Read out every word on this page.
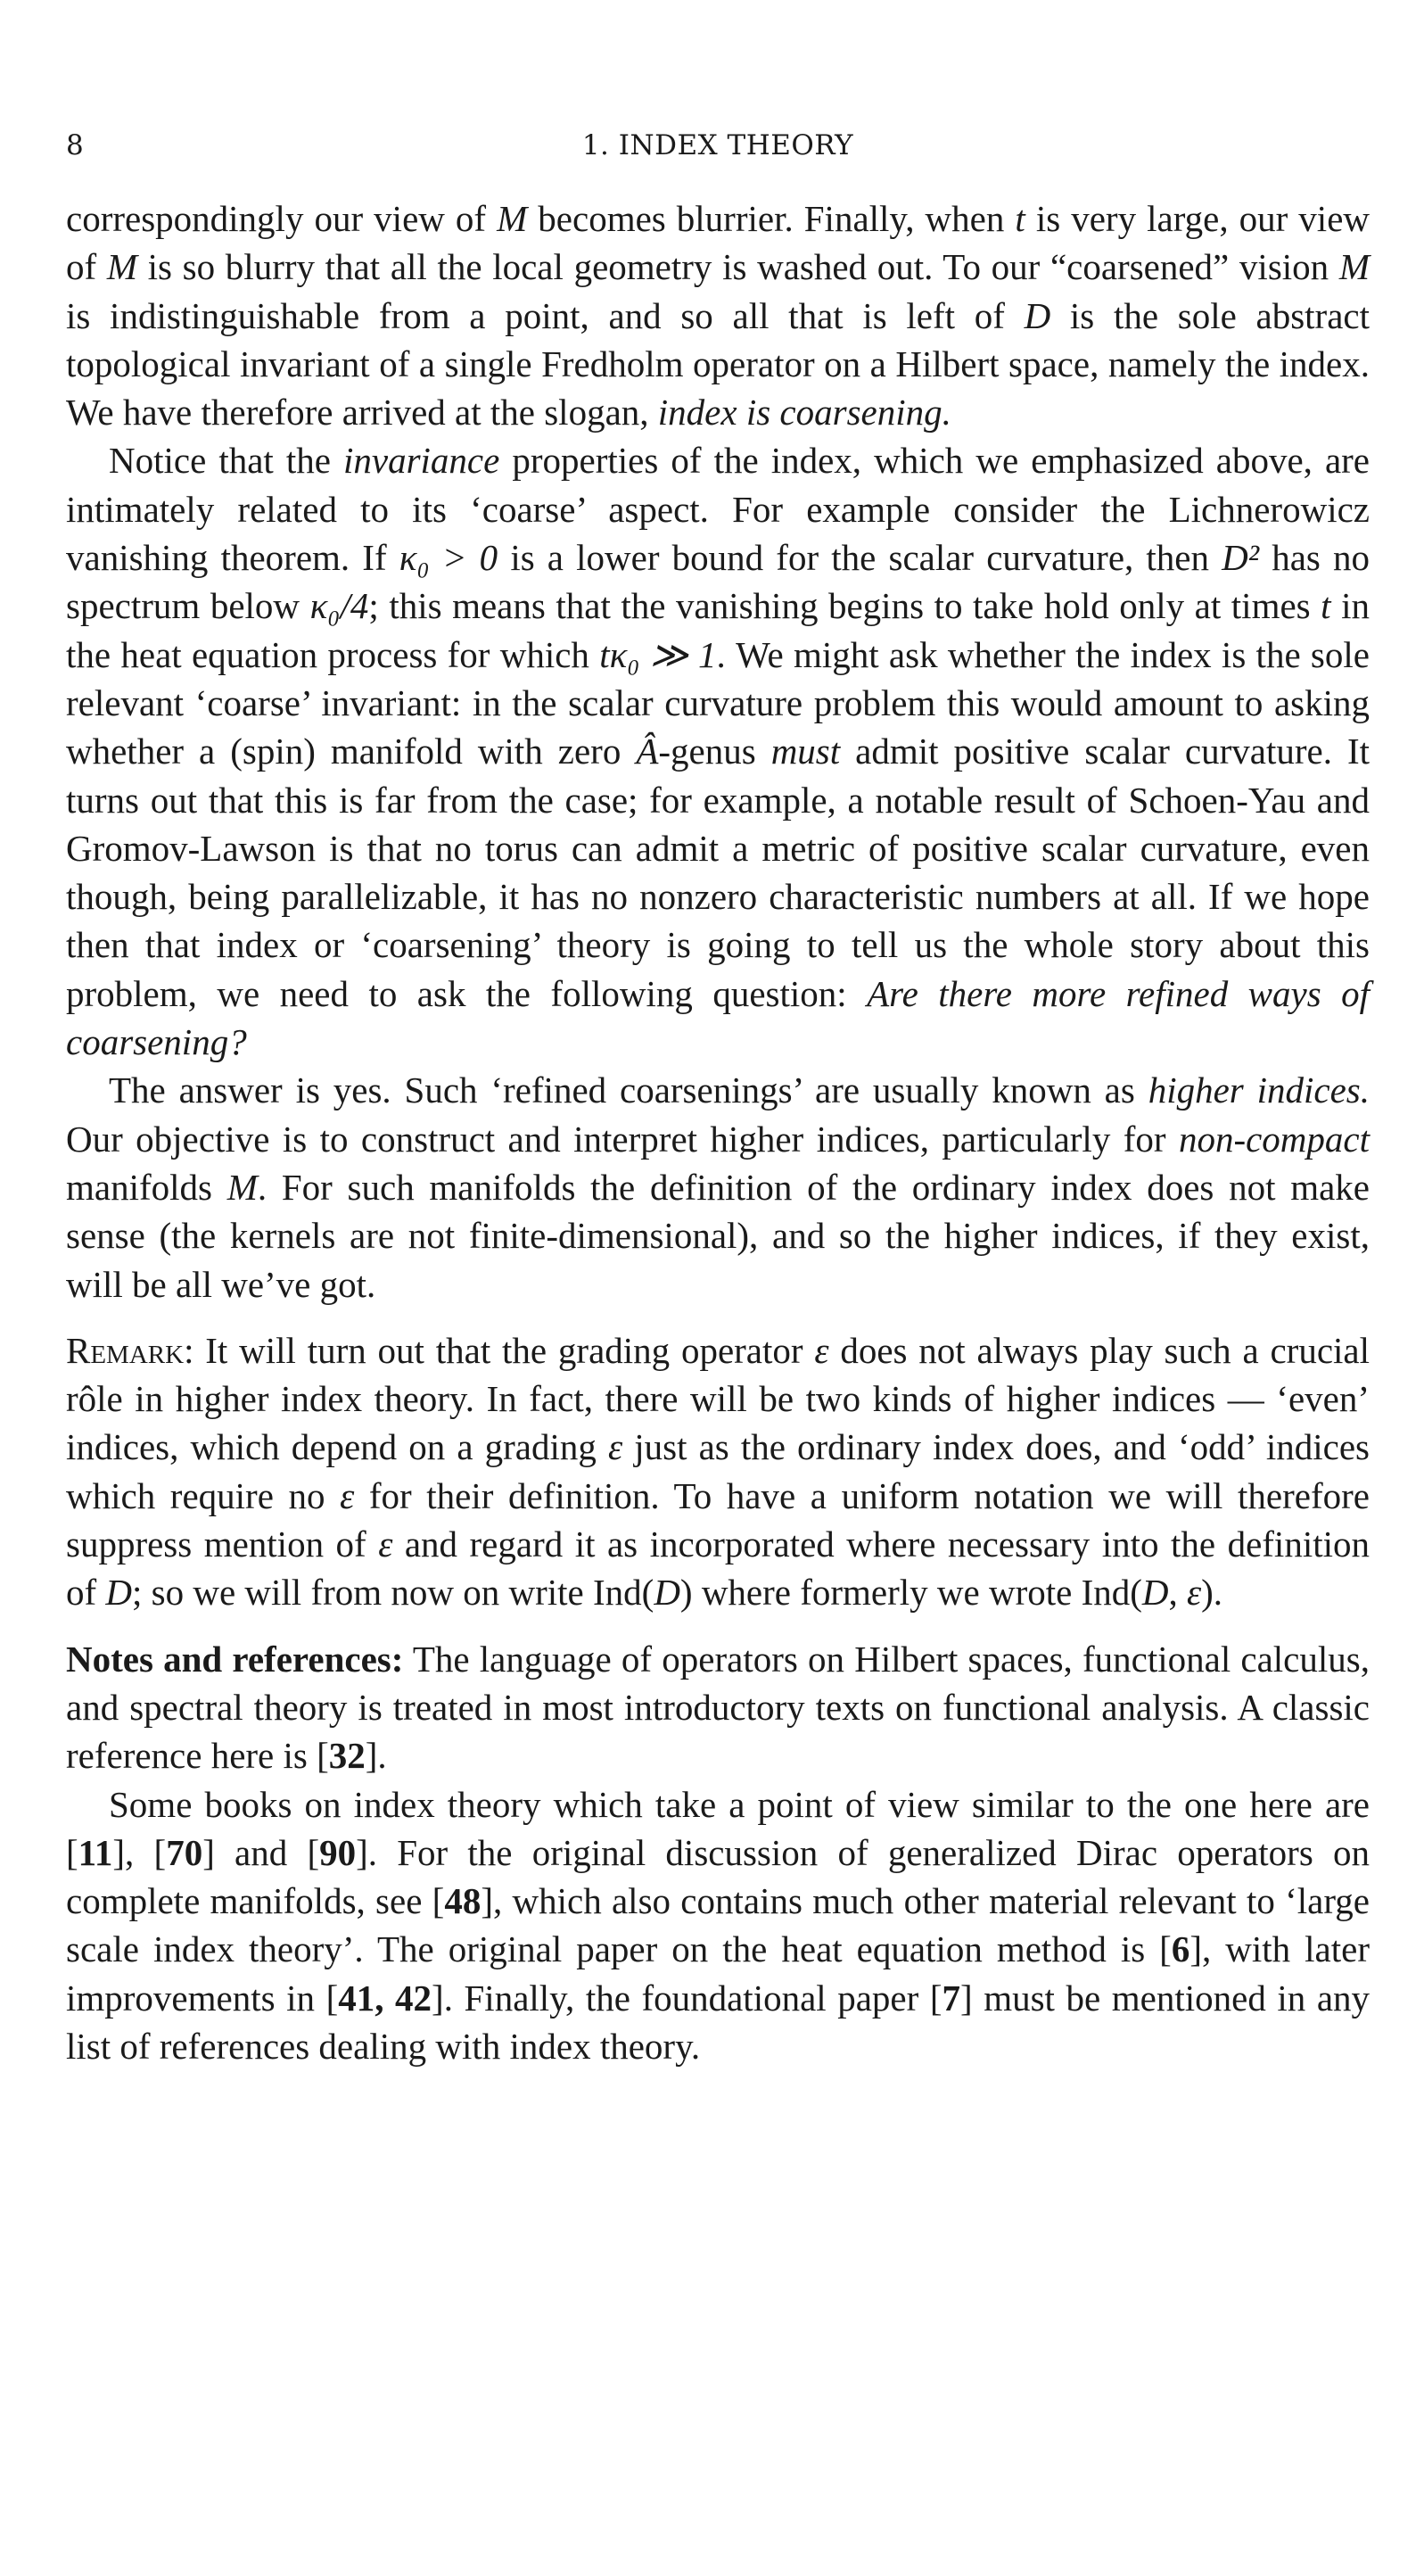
8	1. INDEX THEORY

correspondingly our view of M becomes blurrier. Finally, when t is very large, our view of M is so blurry that all the local geometry is washed out. To our “coarsened” vision M is indistinguishable from a point, and so all that is left of D is the sole abstract topological invariant of a single Fredholm operator on a Hilbert space, namely the index. We have therefore arrived at the slogan, index is coarsening.

Notice that the invariance properties of the index, which we emphasized above, are intimately related to its ‘coarse’ aspect. For example consider the Lichnerowicz vanishing theorem. If κ₀ > 0 is a lower bound for the scalar curvature, then D² has no spectrum below κ₀/4; this means that the vanishing begins to take hold only at times t in the heat equation process for which tκ₀ ≫ 1. We might ask whether the index is the sole relevant ‘coarse’ invariant: in the scalar curvature problem this would amount to asking whether a (spin) manifold with zero Â-genus must admit positive scalar curvature. It turns out that this is far from the case; for example, a notable result of Schoen-Yau and Gromov-Lawson is that no torus can admit a metric of positive scalar curvature, even though, being parallelizable, it has no nonzero characteristic numbers at all. If we hope then that index or ‘coarsening’ theory is going to tell us the whole story about this problem, we need to ask the following question: Are there more refined ways of coarsening?

The answer is yes. Such ‘refined coarsenings’ are usually known as higher indices. Our objective is to construct and interpret higher indices, particularly for non-compact manifolds M. For such manifolds the definition of the ordinary index does not make sense (the kernels are not finite-dimensional), and so the higher indices, if they exist, will be all we’ve got.

Remark: It will turn out that the grading operator ε does not always play such a crucial rôle in higher index theory. In fact, there will be two kinds of higher indices — ‘even’ indices, which depend on a grading ε just as the ordinary index does, and ‘odd’ indices which require no ε for their definition. To have a uniform notation we will therefore suppress mention of ε and regard it as incorporated where necessary into the definition of D; so we will from now on write Ind(D) where formerly we wrote Ind(D, ε).

Notes and references: The language of operators on Hilbert spaces, functional calculus, and spectral theory is treated in most introductory texts on functional analysis. A classic reference here is [32].

Some books on index theory which take a point of view similar to the one here are [11], [70] and [90]. For the original discussion of generalized Dirac operators on complete manifolds, see [48], which also contains much other material relevant to ‘large scale index theory’. The original paper on the heat equation method is [6], with later improvements in [41, 42]. Finally, the foundational paper [7] must be mentioned in any list of references dealing with index theory.
